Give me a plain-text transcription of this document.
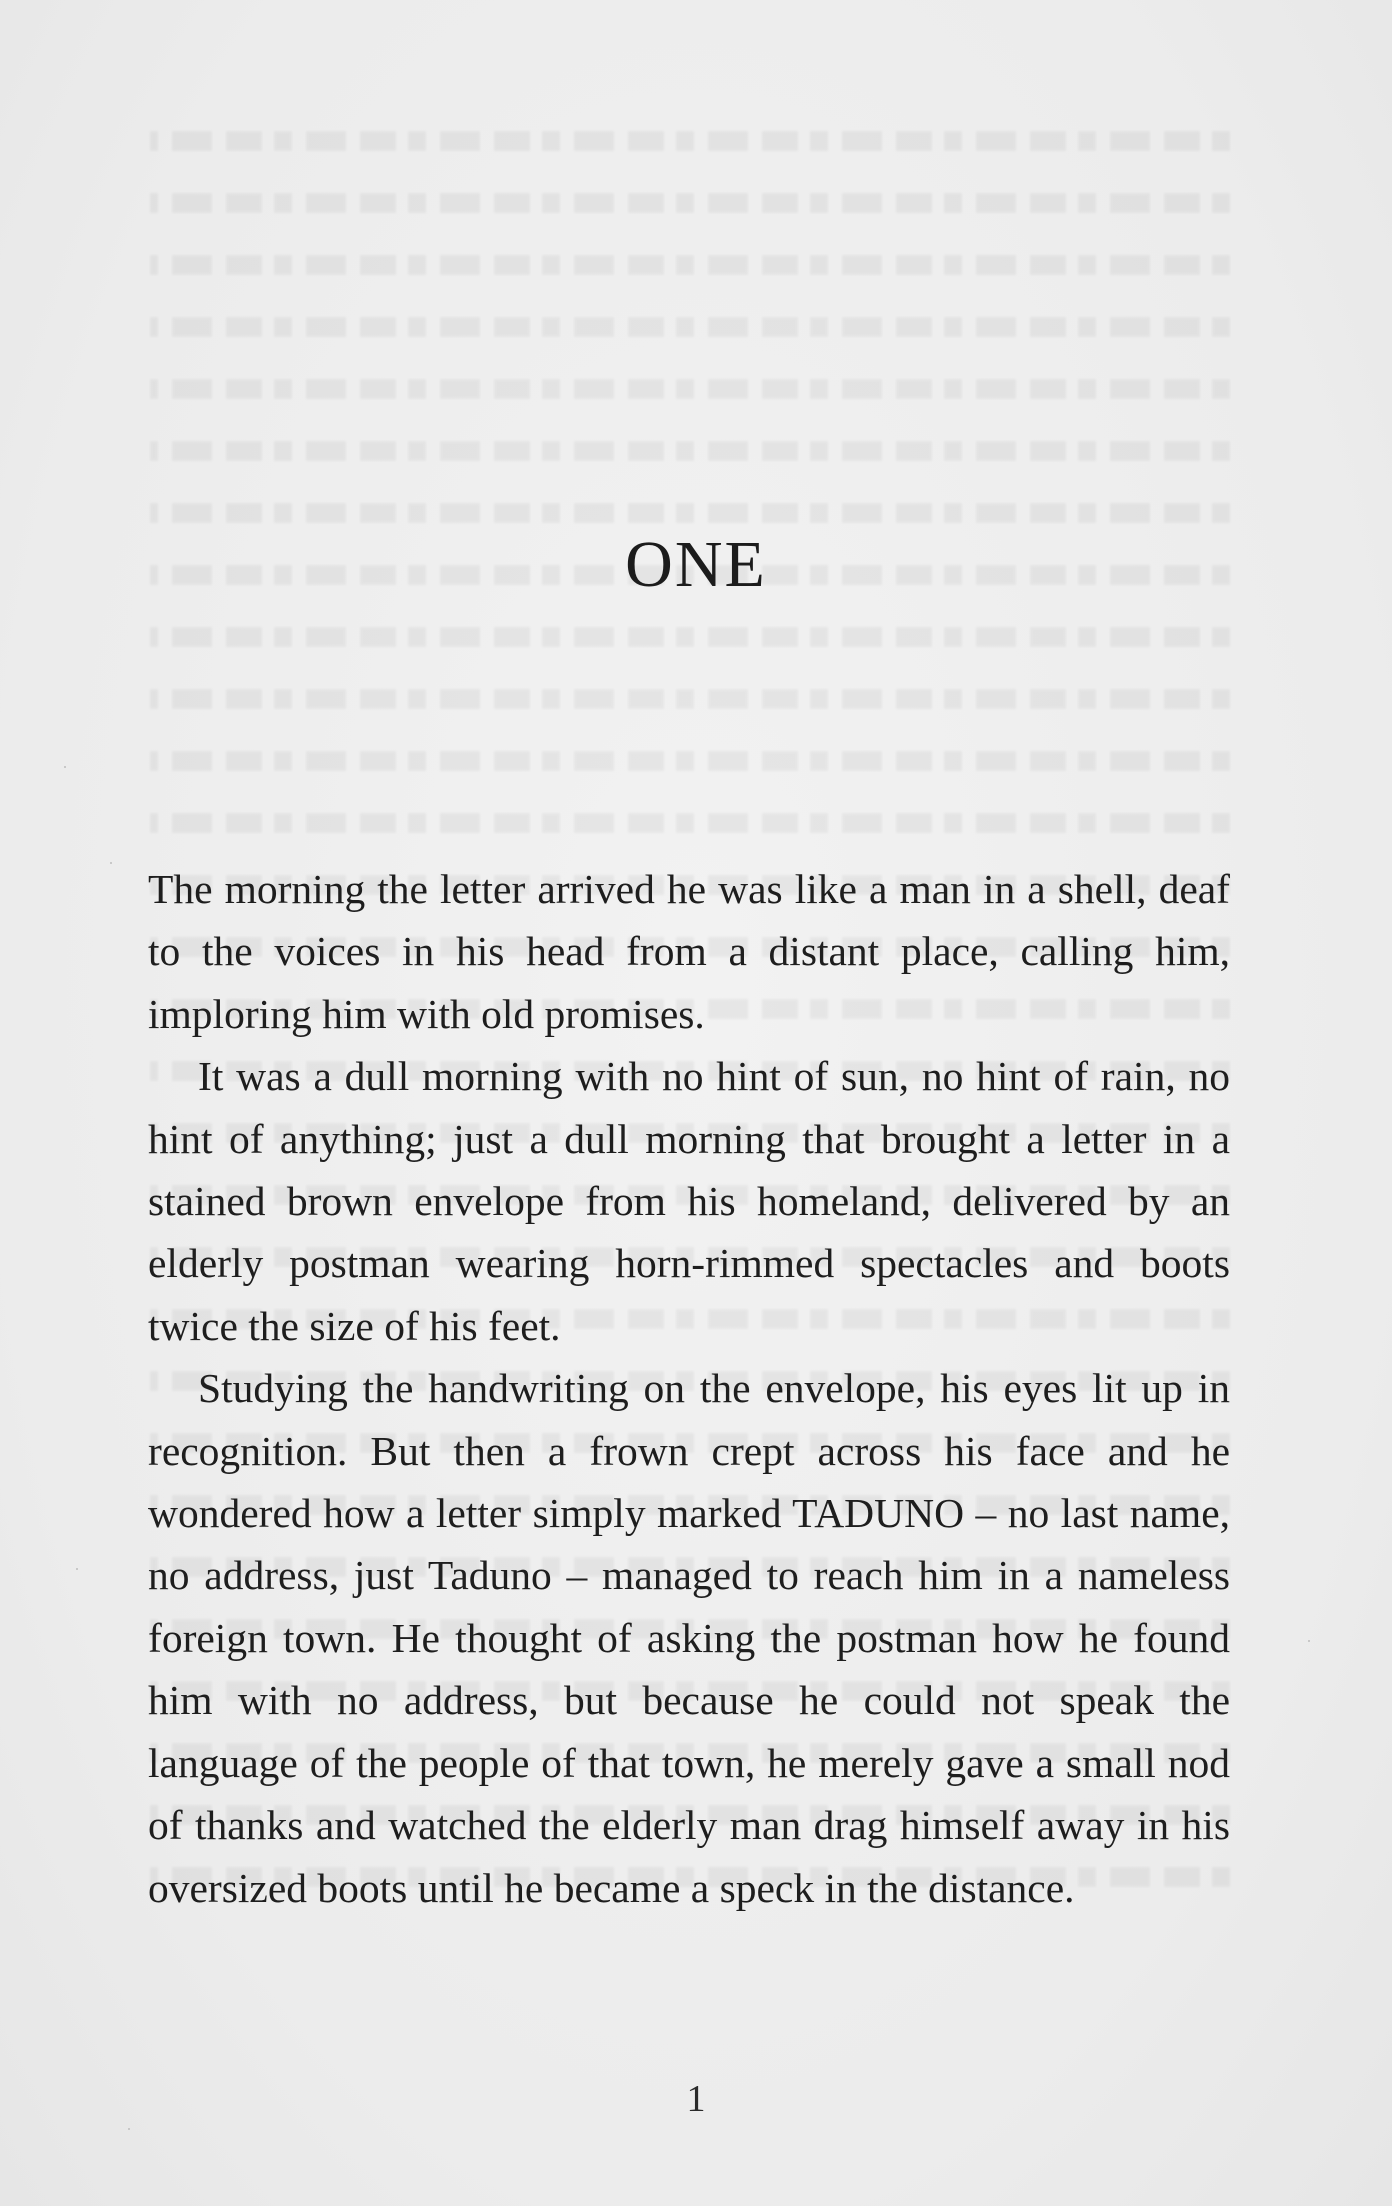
ONE

The morning the letter arrived he was like a man in a shell, deaf to the voices in his head from a distant place, calling him, imploring him with old promises.

It was a dull morning with no hint of sun, no hint of rain, no hint of anything; just a dull morning that brought a letter in a stained brown envelope from his homeland, delivered by an elderly postman wearing horn-rimmed spectacles and boots twice the size of his feet.

Studying the handwriting on the envelope, his eyes lit up in recognition. But then a frown crept across his face and he wondered how a letter simply marked TADUNO – no last name, no address, just Taduno – managed to reach him in a nameless foreign town. He thought of asking the postman how he found him with no address, but because he could not speak the language of the people of that town, he merely gave a small nod of thanks and watched the elderly man drag himself away in his oversized boots until he became a speck in the distance.

1
